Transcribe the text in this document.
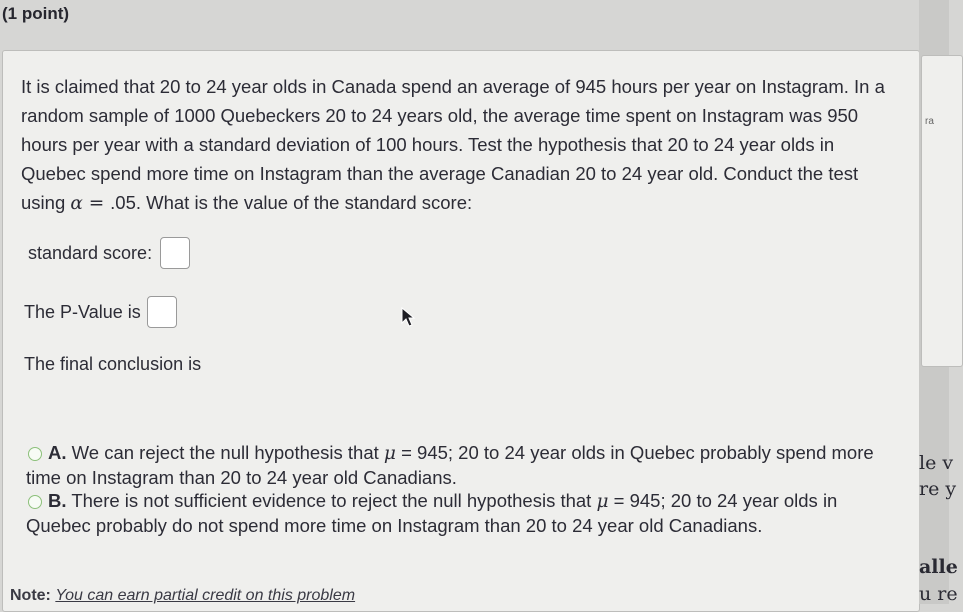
(1 point)
It is claimed that 20 to 24 year olds in Canada spend an average of 945 hours per year on Instagram. In a random sample of 1000 Quebeckers 20 to 24 years old, the average time spent on Instagram was 950 hours per year with a standard deviation of 100 hours. Test the hypothesis that 20 to 24 year olds in Quebec spend more time on Instagram than the average Canadian 20 to 24 year old. Conduct the test using α = .05. What is the value of the standard score:
standard score:
The P-Value is
The final conclusion is
A. We can reject the null hypothesis that μ = 945; 20 to 24 year olds in Quebec probably spend more time on Instagram than 20 to 24 year old Canadians.
B. There is not sufficient evidence to reject the null hypothesis that μ = 945; 20 to 24 year olds in Quebec probably do not spend more time on Instagram than 20 to 24 year old Canadians.
Note: You can earn partial credit on this problem
ra
le v
re y
alle
u re
